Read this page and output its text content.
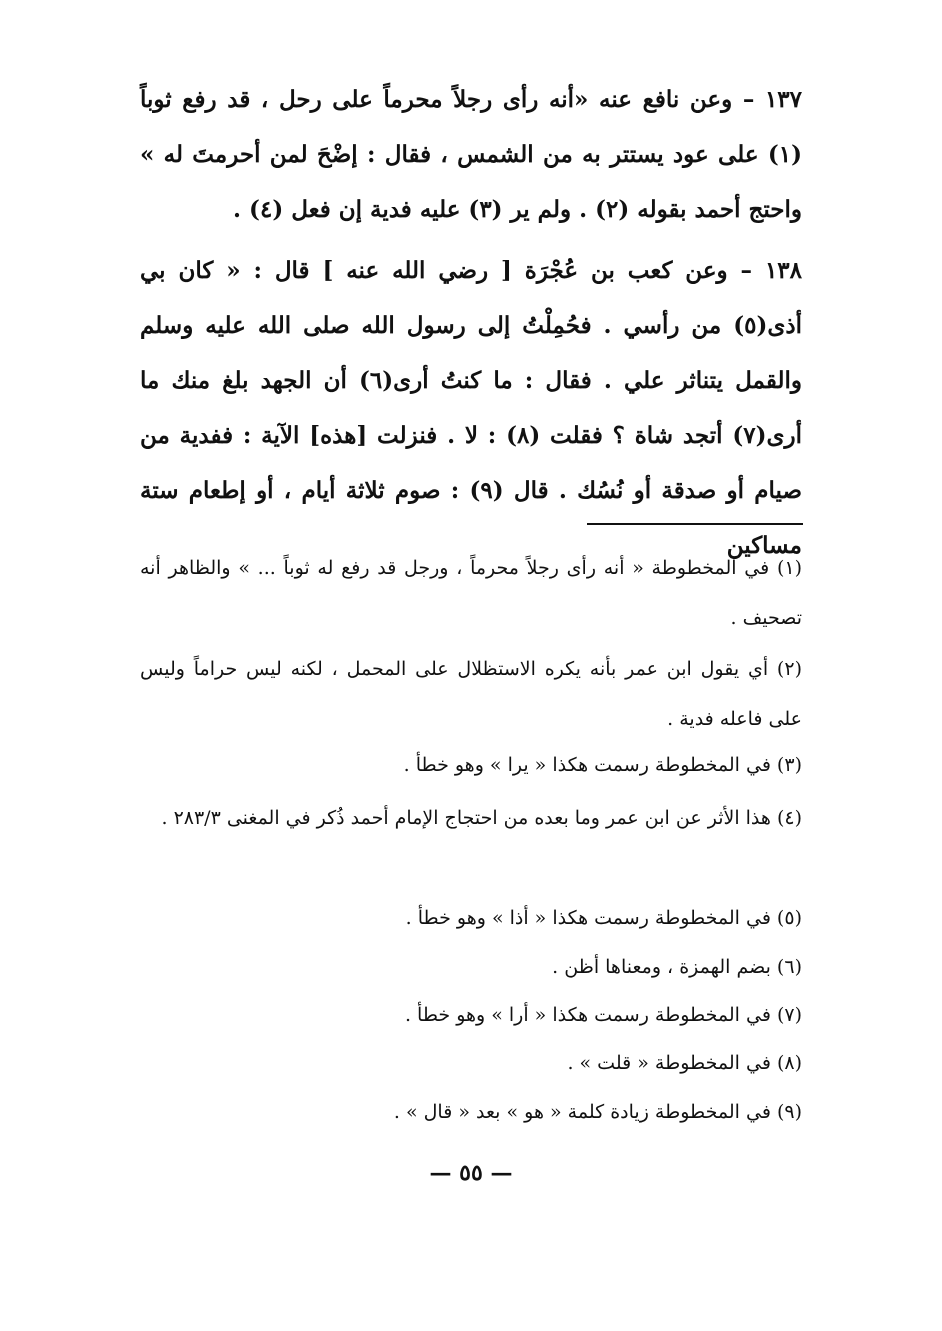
١٣٧ – وعن نافع عنه «أنه رأى رجلاً محرماً على رحل ، قد رفع ثوباً (١) على عود يستتر به من الشمس ، فقال : إضْحَ لمن أحرمتَ له » واحتج أحمد بقوله (٢) . ولم ير (٣) عليه فدية إن فعل (٤) .

١٣٨ – وعن كعب بن عُجْرَة [ رضي الله عنه ] قال : « كان بي أذى(٥) من رأسي . فحُمِلْتُ إلى رسول الله صلى الله عليه وسلم والقمل يتناثر علي . فقال : ما كنتُ أرى(٦) أن الجهد بلغ منك ما أرى(٧) أتجد شاة ؟ فقلت (٨) : لا . فنزلت [هذه] الآية : ففدية من صيام أو صدقة أو نُسُك . قال (٩) : صوم ثلاثة أيام ، أو إطعام ستة مساكين

(١) في المخطوطة « أنه رأى رجلاً محرماً ، ورجل قد رفع له ثوباً ... » والظاهر أنه تصحيف .

(٢) أي يقول ابن عمر بأنه يكره الاستظلال على المحمل ، لكنه ليس حراماً وليس على فاعله فدية .

(٣) في المخطوطة رسمت هكذا « يرا » وهو خطأ .

(٤) هذا الأثر عن ابن عمر وما بعده من احتجاج الإمام أحمد ذُكر في المغنى ٢٨٣/٣ .

(٥) في المخطوطة رسمت هكذا « أذا » وهو خطأ .

(٦) بضم الهمزة ، ومعناها أظن .

(٧) في المخطوطة رسمت هكذا « أرا » وهو خطأ .

(٨) في المخطوطة « قلت » .

(٩) في المخطوطة زيادة كلمة « هو » بعد « قال » .

— ٥٥ —
